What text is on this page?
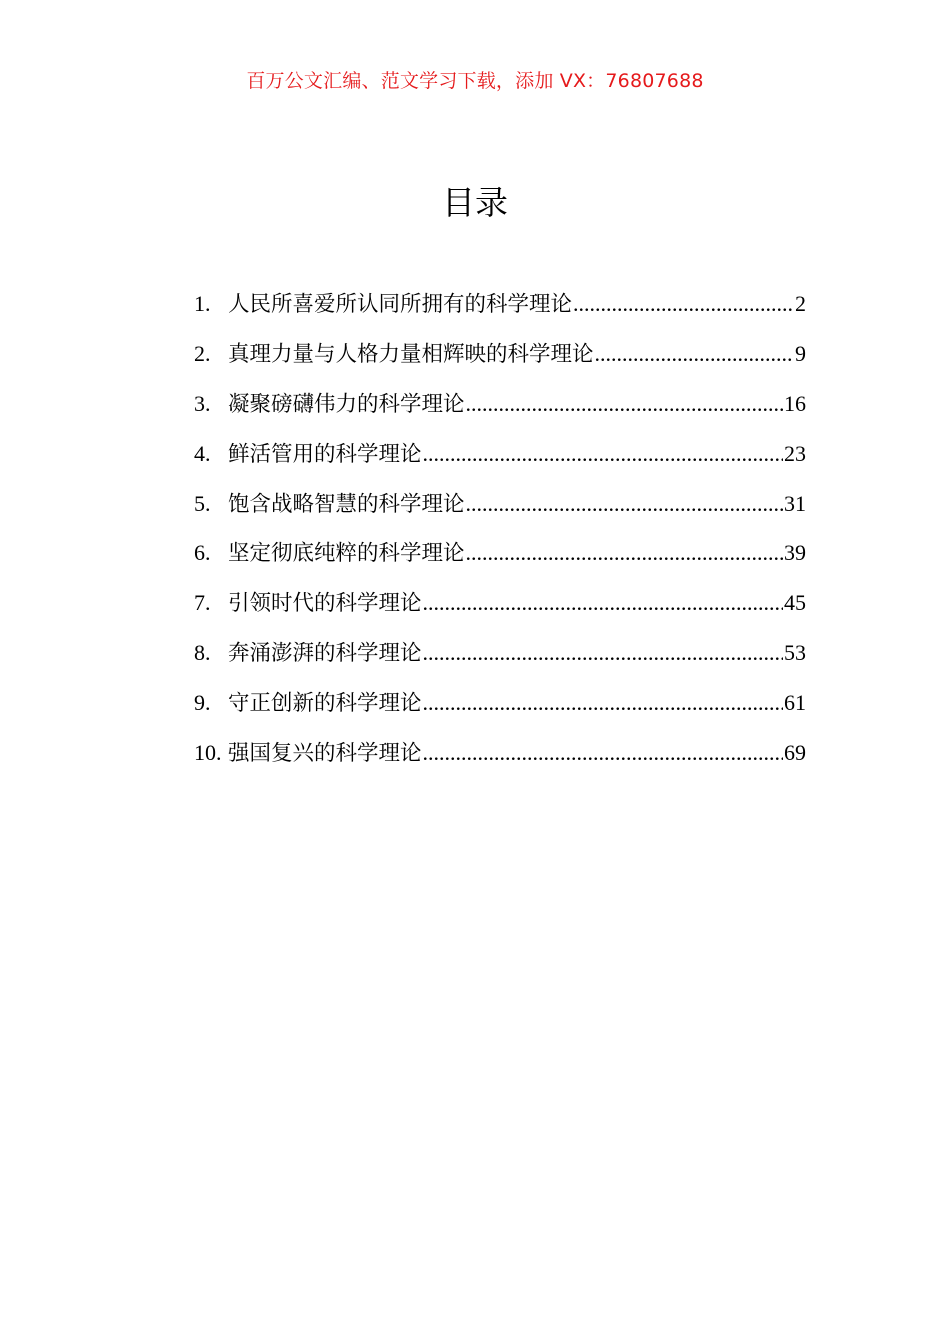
百万公文汇编、范文学习下载，添加 VX：76807688
目录
1. 人民所喜爱所认同所拥有的科学理论 .....	2
2. 真理力量与人格力量相辉映的科学理论 .....	9
3. 凝聚磅礴伟力的科学理论 .....	16
4. 鲜活管用的科学理论 .....	23
5. 饱含战略智慧的科学理论 .....	31
6. 坚定彻底纯粹的科学理论 .....	39
7. 引领时代的科学理论 .....	45
8. 奔涌澎湃的科学理论 .....	53
9. 守正创新的科学理论 .....	61
10. 强国复兴的科学理论 .....	69
